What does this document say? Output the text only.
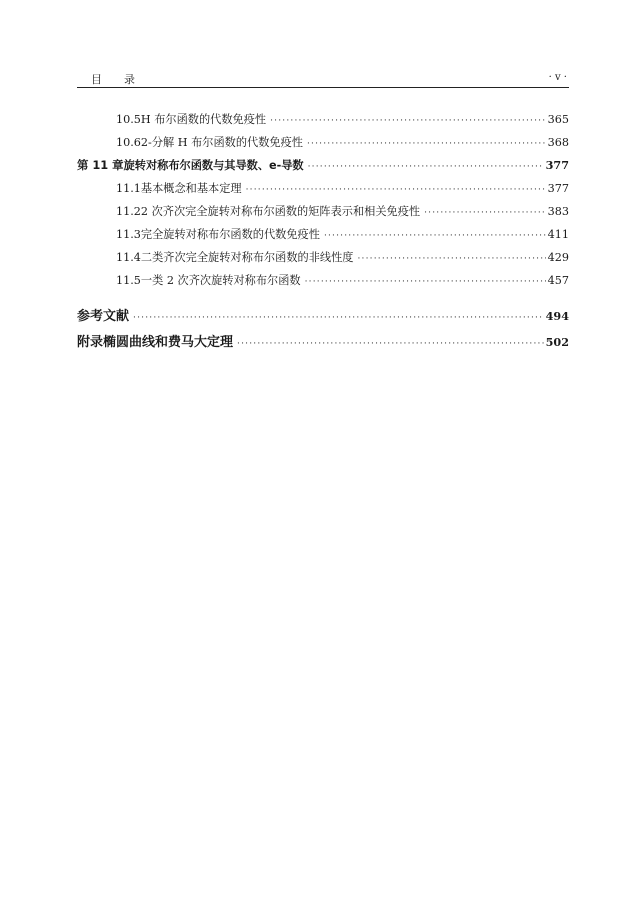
目录	· v ·
10.5 H 布尔函数的代数免疫性 ·····	365
10.6 2-分解 H 布尔函数的代数免疫性 ·····	368
第 11 章 旋转对称布尔函数与其导数、e-导数 ·····	377
11.1 基本概念和基本定理 ·····	377
11.2 2 次齐次完全旋转对称布尔函数的矩阵表示和相关免疫性 ·····	383
11.3 完全旋转对称布尔函数的代数免疫性 ·····	411
11.4 二类齐次完全旋转对称布尔函数的非线性度 ·····	429
11.5 一类 2 次齐次旋转对称布尔函数 ·····	457
参考文献 ·····	494
附录 椭圆曲线和费马大定理 ·····	502
